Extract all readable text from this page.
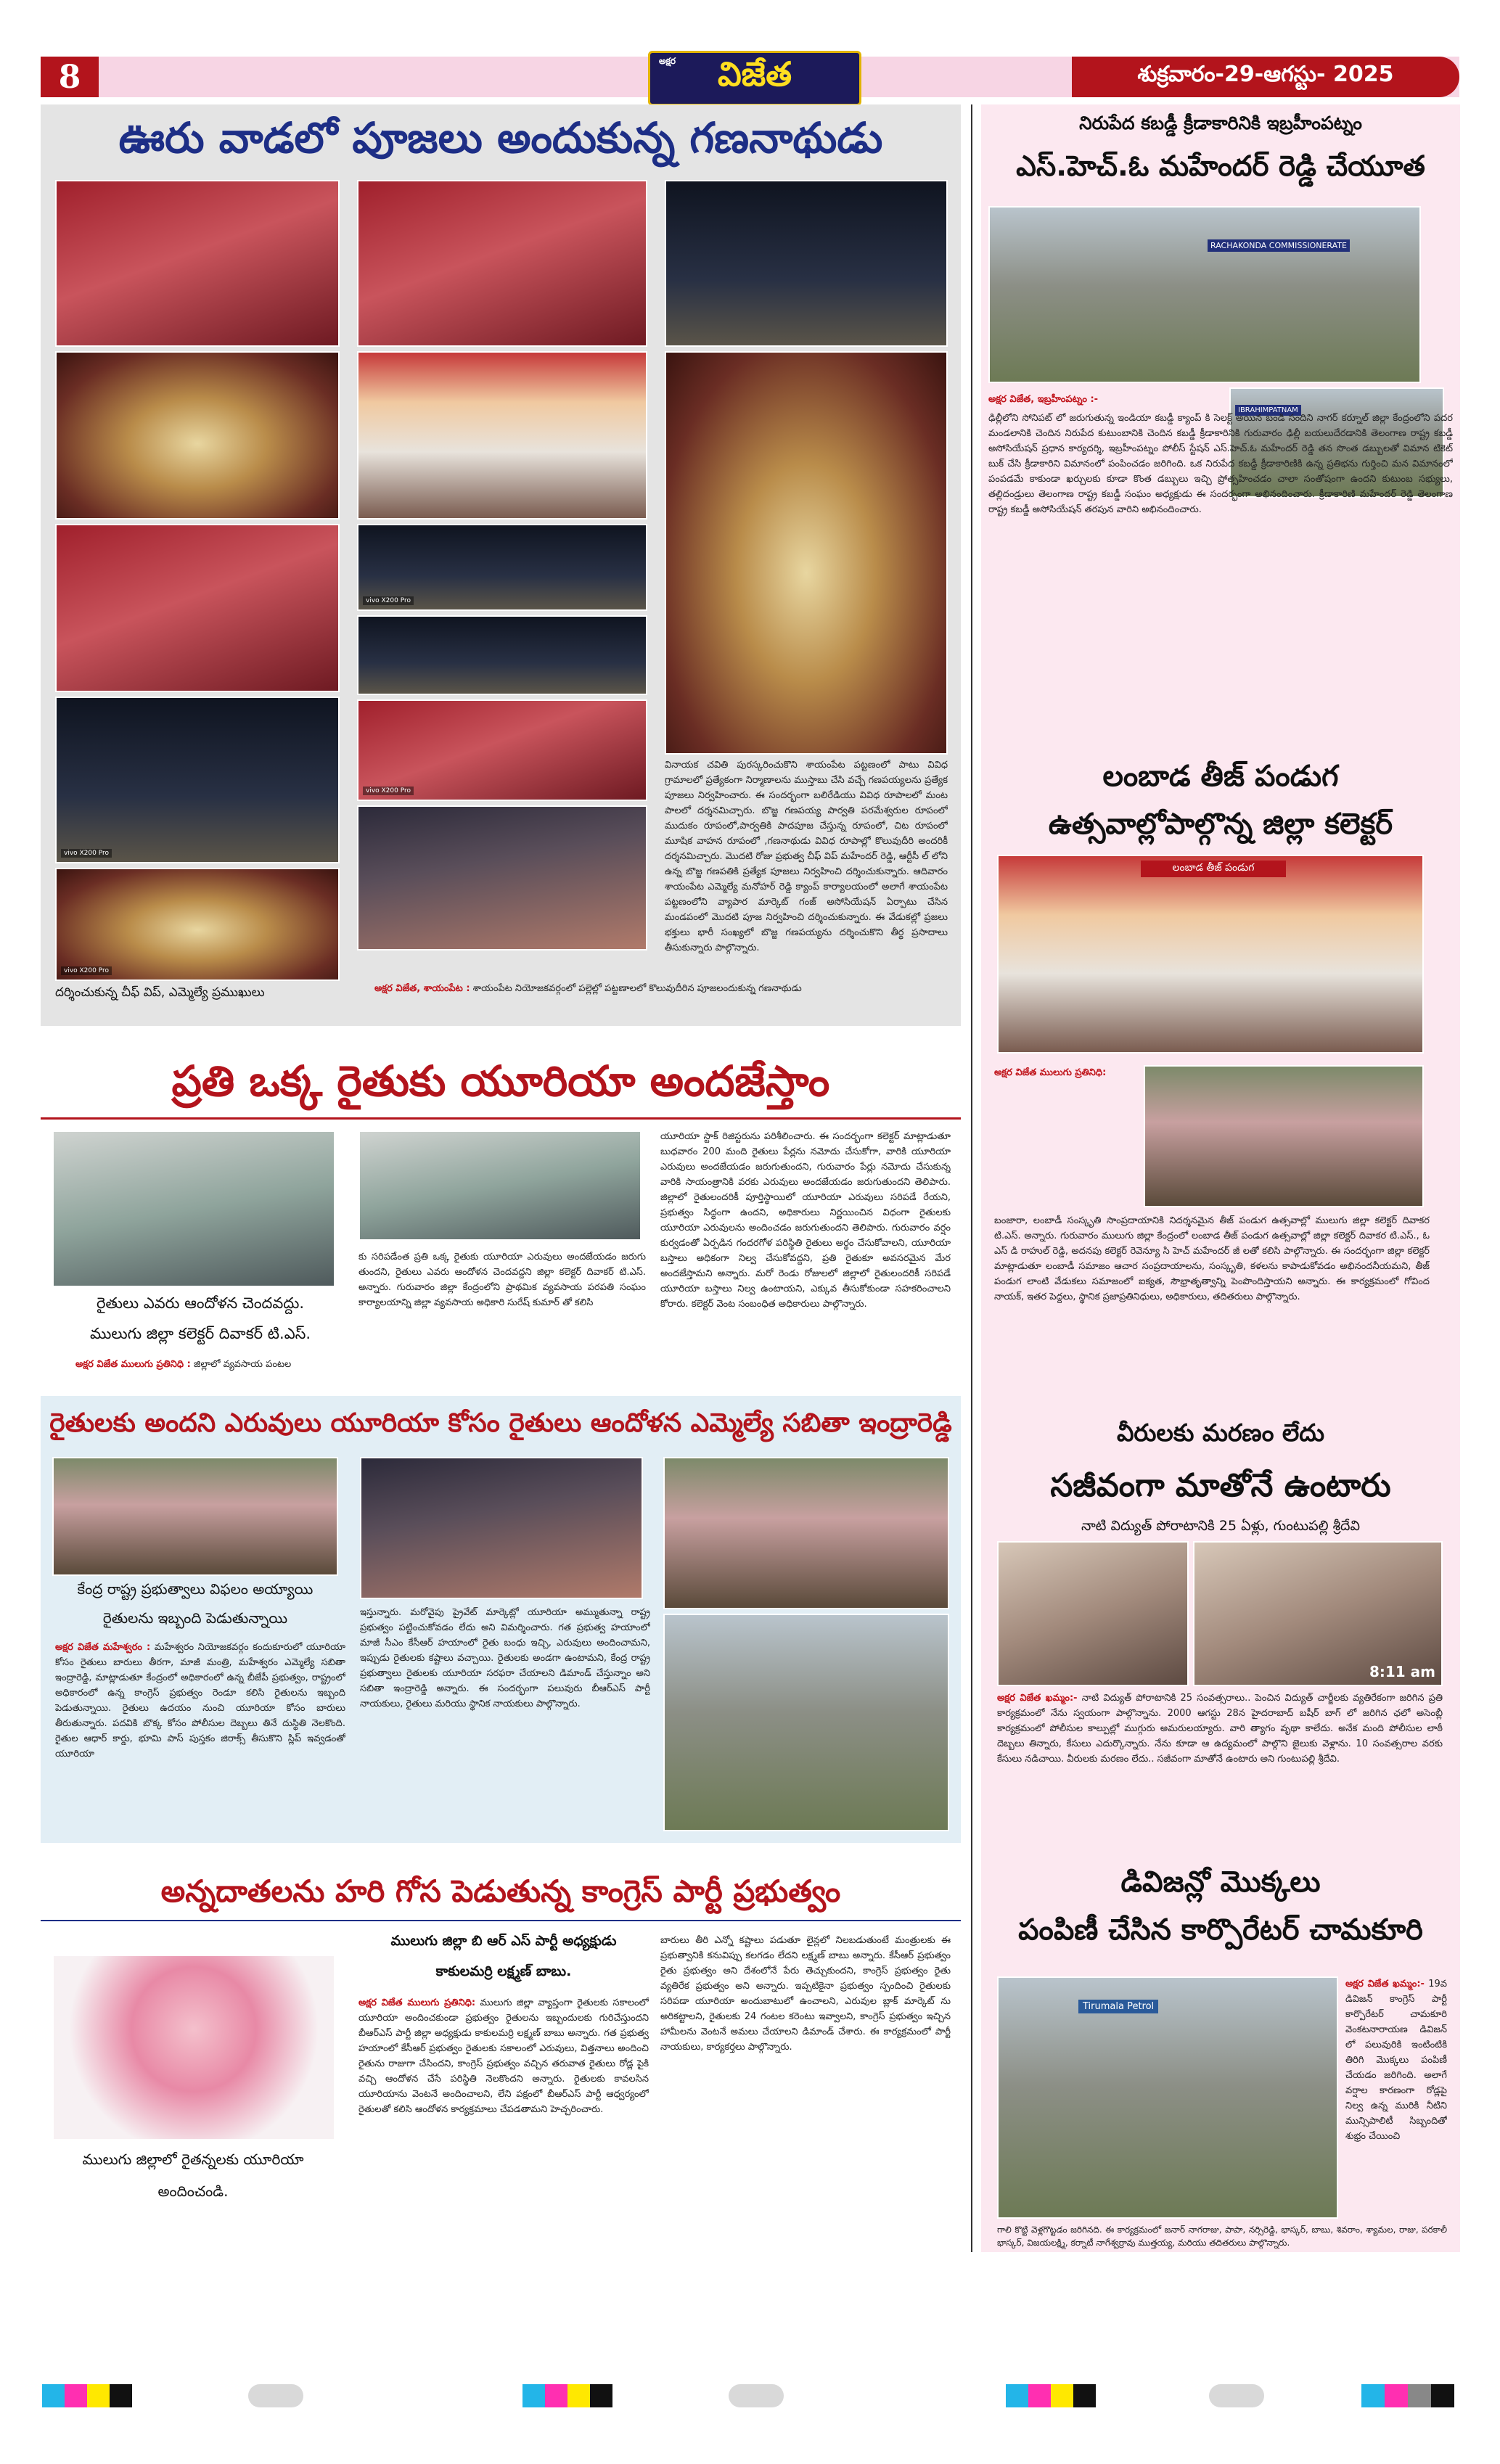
8	అక్షర విజేత	శుక్రవారం-29-ఆగస్టు- 2025
ఊరు వాడలో పూజలు అందుకున్న గణనాథుడు
vivo X200 Pro
vivo X200 Pro
vivo X200 Pro
vivo X200 Pro
వినాయక చవితి పురస్కరించుకొని శాయంపేట పట్టణంలో పాటు వివిధ గ్రామాలలో ప్రత్యేకంగా నిర్మాణాలను ముస్తాబు చేసి వచ్చే గణపయ్యలను ప్రత్యేక పూజలు నిర్వహించారు. ఈ సందర్భంగా బలిరేడియు వివిధ రూపాలలో మంట పాలలో దర్శనమిచ్చారు. బొజ్జ గణపయ్య పార్వతి పరమేశ్వరుల రూపంలో ముదుకం రూపంలో,పార్వతికి పాదపూజ చేస్తున్న రూపంలో, చిట రూపంలో మూషిక వాహన రూపంలో ,గణనాథుడు వివిధ రూపాల్లో కొలువుదీరి అందరికీ దర్శనమిచ్చారు. మొదటి రోజు ప్రభుత్వ చీఫ్ విప్ మహేందర్ రెడ్డి, ఆర్టీసీ ల్ లోని ఉన్న బొజ్జ గణపతికి ప్రత్యేక పూజలు నిర్వహించి దర్శించుకున్నారు. ఆదివారం శాయంపేట ఎమ్మెల్యే మనోహర్ రెడ్డి క్యాంప్ కార్యాలయంలో అలాగే శాయంపేట పట్టణంలోని వ్యాపార మార్కెట్ గంజ్ అసోసియేషన్ ఏర్పాటు చేసిన మండపంలో మొదటి పూజ నిర్వహించి దర్శించుకున్నారు. ఈ వేడుకల్లో ప్రజలు భక్తులు భారీ సంఖ్యలో బొజ్జ గణపయ్యను దర్శించుకొని తీర్థ ప్రసాదాలు తీసుకున్నారు పాల్గొన్నారు.
దర్శించుకున్న చీఫ్ విప్, ఎమ్మెల్యే ప్రముఖులు	అక్షర విజేత, శాయంపేట : శాయంపేట నియోజకవర్గంలో పల్లెల్లో పట్టణాలలో కొలువుదీరిన పూజలందుకున్న గణనాథుడు
ప్రతి ఒక్క రైతుకు యూరియా అందజేస్తాం
రైతులు ఎవరు ఆందోళన చెందవద్దు.
ములుగు జిల్లా కలెక్టర్ దివాకర్ టి.ఎస్.
అక్షర విజేత ములుగు ప్రతినిధి : జిల్లాలో వ్యవసాయ పంటల
కు సరిపడేంత ప్రతి ఒక్క రైతుకు యూరియా ఎరువులు అందజేయడం జరుగు తుందని, రైతులు ఎవరు ఆందోళన చెందవద్దని జిల్లా కలెక్టర్ దివాకర్ టి.ఎస్. అన్నారు. గురువారం జిల్లా కేంద్రంలోని ప్రాథమిక వ్యవసాయ పరపతి సంఘం కార్యాలయాన్ని జిల్లా వ్యవసాయ అధికారి సురేష్ కుమార్ తో కలిసి
యూరియా స్టాక్ రిజిస్టరును పరిశీలించారు. ఈ సందర్భంగా కలెక్టర్ మాట్లాడుతూ బుధవారం 200 మంది రైతులు పేర్లను నమోదు చేసుకోగా, వారికి యూరియా ఎరువులు అందజేయడం జరుగుతుందని, గురువారం పేర్లు నమోదు చేసుకున్న వారికి సాయంత్రానికి వరకు ఎరువులు అందజేయడం జరుగుతుందని తెలిపారు. జిల్లాలో రైతులందరికీ పూర్తిస్థాయిలో యూరియా ఎరువులు సరిపడే రేయని, ప్రభుత్వం సిద్ధంగా ఉందని, అధికారులు నిర్ణయించిన విధంగా రైతులకు యూరియా ఎరువులను అందించడం జరుగుతుందని తెలిపారు. గురువారం వర్షం కుర్వడంతో ఏర్పడిన గందరగోళ పరిస్థితి రైతులు అర్థం చేసుకోవాలని, యూరియా బస్తాలు అధికంగా నిల్వ చేసుకోవద్దని, ప్రతి రైతుకూ అవసరమైన మేర అందజేస్తామని అన్నారు. మరో రెండు రోజులలో జిల్లాలో రైతులందరికీ సరిపడే యూరియా బస్తాలు నిల్వ ఉంటాయని, ఎక్కువ తీసుకోకుండా సహకరించాలని కోరారు. కలెక్టర్ వెంట సంబంధిత అధికారులు పాల్గొన్నారు.
రైతులకు అందని ఎరువులు యూరియా కోసం రైతులు ఆందోళన ఎమ్మెల్యే సబితా ఇంద్రారెడ్డి
కేంద్ర రాష్ట్ర ప్రభుత్వాలు విఫలం అయ్యాయి
రైతులను ఇబ్బంది పెడుతున్నాయి
అక్షర విజేత మహేశ్వరం : మహేశ్వరం నియోజకవర్గం కందుకూరులో యూరియా కోసం రైతులు బారులు తీరగా, మాజీ మంత్రి, మహేశ్వరం ఎమ్మెల్యే సబితా ఇంద్రారెడ్డి, మాట్లాడుతూ కేంద్రంలో అధికారంలో ఉన్న బీజేపీ ప్రభుత్వం, రాష్ట్రంలో అధికారంలో ఉన్న కాంగ్రెస్ ప్రభుత్వం రెండూ కలిసి రైతులను ఇబ్బంది పెడుతున్నాయి. రైతులు ఉదయం నుంచి యూరియా కోసం బారులు తీరుతున్నారు. పదవికి బొక్క కోసం పోలీసుల దెబ్బలు తినే దుస్థితి నెలకొంది. రైతుల ఆధార్ కార్డు, భూమి పాస్ పుస్తకం జిరాక్స్ తీసుకొని స్లిప్ ఇవ్వడంతో యూరియా
ఇస్తున్నారు. మరోవైపు ప్రైవేట్ మార్కెట్లో యూరియా అమ్ముతున్నా రాష్ట్ర ప్రభుత్వం పట్టించుకోవడం లేదు అని విమర్శించారు. గత ప్రభుత్వ హయాంలో మాజీ సీఎం కేసీఆర్ హయాంలో రైతు బంధు ఇచ్చి, ఎరువులు అందించామని, ఇప్పుడు రైతులకు కష్టాలు వచ్చాయి. రైతులకు అండగా ఉంటామని, కేంద్ర రాష్ట్ర ప్రభుత్వాలు రైతులకు యూరియా సరఫరా చేయాలని డిమాండ్ చేస్తున్నాం అని సబితా ఇంద్రారెడ్డి అన్నారు. ఈ సందర్భంగా పలువురు బీఆర్ఎస్ పార్టీ నాయకులు, రైతులు మరియు స్థానిక నాయకులు పాల్గొన్నారు.
అన్నదాతలను హరి గోస పెడుతున్న కాంగ్రెస్ పార్టీ ప్రభుత్వం
ములుగు జిల్లాలో రైతన్నలకు యూరియా
అందించండి.
ములుగు జిల్లా బి ఆర్ ఎస్ పార్టీ అధ్యక్షుడు
కాకులమర్రి లక్ష్మణ్ బాబు.
అక్షర విజేత ములుగు ప్రతినిధి: ములుగు జిల్లా వ్యాప్తంగా రైతులకు సకాలంలో యూరియా అందించకుండా ప్రభుత్వం రైతులను ఇబ్బందులకు గురిచేస్తుందని బీఆర్ఎస్ పార్టీ జిల్లా అధ్యక్షుడు కాకులమర్రి లక్ష్మణ్ బాబు అన్నారు. గత ప్రభుత్వ హయాంలో కేసీఆర్ ప్రభుత్వం రైతులకు సకాలంలో ఎరువులు, విత్తనాలు అందించి రైతును రాజుగా చేసిందని, కాంగ్రెస్ ప్రభుత్వం వచ్చిన తరువాత రైతులు రోడ్ల పైకి వచ్చి ఆందోళన చేసే పరిస్థితి నెలకొందని అన్నారు. రైతులకు కావలసిన యూరియాను వెంటనే అందించాలని, లేని పక్షంలో బీఆర్ఎస్ పార్టీ ఆధ్వర్యంలో రైతులతో కలిసి ఆందోళన కార్యక్రమాలు చేపడతామని హెచ్చరించారు.
బారులు తీరి ఎన్నో కష్టాలు పడుతూ లైన్లలో నిలబడుతుంటే మంత్రులకు ఈ ప్రభుత్వానికి కనువిప్పు కలగడం లేదని లక్ష్మణ్ బాబు అన్నారు. కేసీఆర్ ప్రభుత్వం రైతు ప్రభుత్వం అని దేశంలోనే పేరు తెచ్చుకుందని, కాంగ్రెస్ ప్రభుత్వం రైతు వ్యతిరేక ప్రభుత్వం అని అన్నారు. ఇప్పటికైనా ప్రభుత్వం స్పందించి రైతులకు సరిపడా యూరియా అందుబాటులో ఉంచాలని, ఎరువుల బ్లాక్ మార్కెట్ ను అరికట్టాలని, రైతులకు 24 గంటల కరెంటు ఇవ్వాలని, కాంగ్రెస్ ప్రభుత్వం ఇచ్చిన హామీలను వెంటనే అమలు చేయాలని డిమాండ్ చేశారు. ఈ కార్యక్రమంలో పార్టీ నాయకులు, కార్యకర్తలు పాల్గొన్నారు.
నిరుపేద కబడ్డీ క్రీడాకారినికి ఇబ్రహీంపట్నం
ఎస్.హెచ్.ఓ మహేందర్ రెడ్డి చేయూత
RACHAKONDA COMMISSIONERATE
IBRAHIMPATNAM
అక్షర విజేత, ఇబ్రహీంపట్నం :-
ఢిల్లీలోని సోనిపట్ లో జరుగుతున్న ఇండియా కబడ్డీ క్యాంప్ కి సెలక్ట్ అయిన బండి సందిని నాగర్ కర్నూల్ జిల్లా కేంద్రంలోని పదర మండలానికి చెందిన నిరుపేద కుటుంబానికి చెందిన కబడ్డీ క్రీడాకారినికి గురువారం ఢిల్లీ బయలుదేరడానికి తెలంగాణ రాష్ట్ర కబడ్డీ అసోసియేషన్ ప్రధాన కార్యదర్శి, ఇబ్రహీంపట్నం పోలీస్ స్టేషన్ ఎస్.హెచ్.ఓ మహేందర్ రెడ్డి తన సొంత డబ్బులతో విమాన టికెట్ బుక్ చేసి క్రీడాకారిని విమానంలో పంపించడం జరిగింది. ఒక నిరుపేద కబడ్డీ క్రీడాకారిణికి ఉన్న ప్రతిభను గుర్తించి మన విమానంలో పంపడమే కాకుండా ఖర్చులకు కూడా కొంత డబ్బులు ఇచ్చి ప్రోత్సహించడం చాలా సంతోషంగా ఉందని కుటుంబ సభ్యులు, తల్లిదండ్రులు తెలంగాణ రాష్ట్ర కబడ్డీ సంఘం అధ్యక్షుడు ఈ సందర్భంగా అభినందించారు. క్రీడాకారిణి మహేందర్ రెడ్డి తెలంగాణ రాష్ట్ర కబడ్డీ అసోసియేషన్ తరపున వారిని అభినందించారు.
లంబాడ తీజ్ పండుగ
ఉత్సవాల్లోపాల్గొన్న జిల్లా కలెక్టర్
లంబాడ తీజ్ పండుగ
అక్షర విజేత ములుగు ప్రతినిధి:
బంజారా, లంబాడీ సంస్కృతి సాంప్రదాయానికి నిదర్శనమైన తీజ్ పండుగ ఉత్సవాల్లో ములుగు జిల్లా కలెక్టర్ దివాకర టి.ఎస్. అన్నారు. గురువారం ములుగు జిల్లా కేంద్రంలో లంబాడ తీజ్ పండుగ ఉత్సవాల్లో జిల్లా కలెక్టర్ దివాకర టి.ఎస్., ఓ ఎస్ డి రాహుల్ రెడ్డి, అదనపు కలెక్టర్ రెవెన్యూ సి హెచ్ మహేందర్ జీ లతో కలిసి పాల్గొన్నారు. ఈ సందర్భంగా జిల్లా కలెక్టర్ మాట్లాడుతూ లంబాడీ సమాజం ఆచార సంప్రదాయాలను, సంస్కృతి, కళలను కాపాడుకోవడం అభినందనీయమని, తీజ్ పండుగ లాంటి వేడుకలు సమాజంలో ఐక్యత, సౌభ్రాతృత్వాన్ని పెంపొందిస్తాయని అన్నారు. ఈ కార్యక్రమంలో గోవింద నాయక్, ఇతర పెద్దలు, స్థానిక ప్రజాప్రతినిధులు, అధికారులు, తదితరులు పాల్గొన్నారు.
వీరులకు మరణం లేదు
సజీవంగా మాతోనే ఉంటారు
నాటి విద్యుత్ పోరాటానికి 25 ఏళ్లు, గుంటుపల్లి శ్రీదేవి
8:11 am
అక్షర విజేత ఖమ్మం:- నాటి విద్యుత్ పోరాటానికి 25 సంవత్సరాలు.. పెంచిన విద్యుత్ చార్జీలకు వ్యతిరేకంగా జరిగిన ప్రతి కార్యక్రమంలో నేను స్వయంగా పాల్గొన్నాను. 2000 ఆగస్టు 28న హైదరాబాద్ బషీర్ బాగ్ లో జరిగిన ఛలో అసెంబ్లీ కార్యక్రమంలో పోలీసుల కాల్పుల్లో ముగ్గురు అమరులయ్యారు. వారి త్యాగం వృథా కాలేదు. అనేక మంది పోలీసుల లాఠీ దెబ్బలు తిన్నారు, కేసులు ఎదుర్కొన్నారు. నేను కూడా ఆ ఉద్యమంలో పాల్గొని జైలుకు వెళ్లాను. 10 సంవత్సరాల వరకు కేసులు నడిచాయి. వీరులకు మరణం లేదు.. సజీవంగా మాతోనే ఉంటారు అని గుంటుపల్లి శ్రీదేవి.
డివిజన్లో మొక్కలు
పంపిణీ చేసిన కార్పొరేటర్ చామకూరి
Tirumala Petrol
అక్షర విజేత ఖమ్మం:- 19వ డివిజన్ కాంగ్రెస్ పార్టీ కార్పొరేటర్ చామకూరి వెంకటనారాయణ డివిజన్ లో పలువురికి ఇంటింటికి తిరిగి మొక్కలు పంపిణీ చేయడం జరిగింది. అలాగే వర్షాల కారణంగా రోడ్లపై నిల్వ ఉన్న మురికి నీటిని మున్సిపాలిటీ సిబ్బందితో శుభ్రం చేయించి
గాలి కొట్టి వెళ్లగొట్టడం జరిగినది. ఈ కార్యక్రమంలో జనార్ నాగరాజు, పాపా, నర్సిరెడ్డి, భాస్కర్, బాబు, శివరాం, శ్యామల, రాజు, పరకాలీ భాస్కర్, విజయలక్ష్మి, కర్నాటీ నాగేశ్వర్రావు ముత్తయ్య, మరియు తదితరులు పాల్గొన్నారు.
